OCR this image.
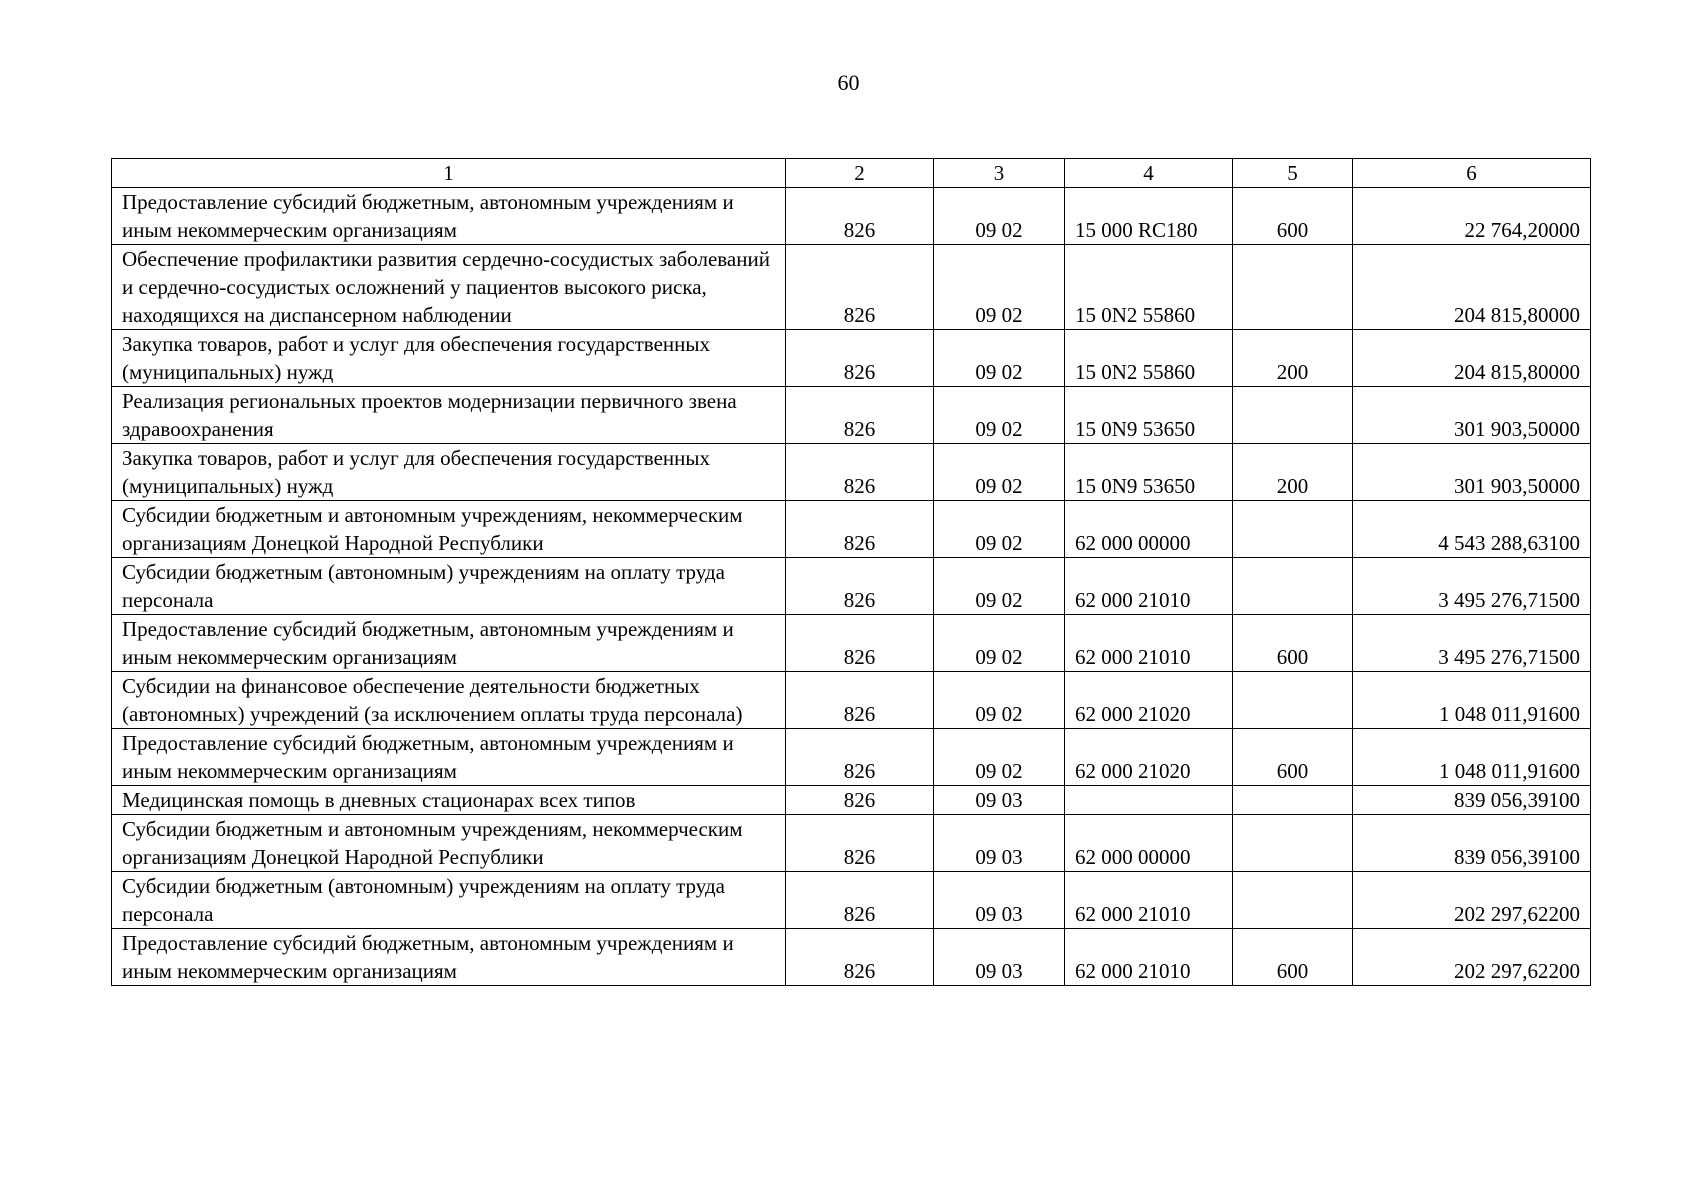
60
1	2	3	4	5	6
Предоставление субсидий бюджетным, автономным учреждениям и иным некоммерческим организациям	826	09 02	15 000 RC180	600	22 764,20000
Обеспечение профилактики развития сердечно-сосудистых заболеваний и сердечно-сосудистых осложнений у пациентов высокого риска, находящихся на диспансерном наблюдении	826	09 02	15 0N2 55860		204 815,80000
Закупка товаров, работ и услуг для обеспечения государственных (муниципальных) нужд	826	09 02	15 0N2 55860	200	204 815,80000
Реализация региональных проектов модернизации первичного звена здравоохранения	826	09 02	15 0N9 53650		301 903,50000
Закупка товаров, работ и услуг для обеспечения государственных (муниципальных) нужд	826	09 02	15 0N9 53650	200	301 903,50000
Субсидии бюджетным и автономным учреждениям, некоммерческим организациям Донецкой Народной Республики	826	09 02	62 000 00000		4 543 288,63100
Субсидии бюджетным (автономным) учреждениям на оплату труда персонала	826	09 02	62 000 21010		3 495 276,71500
Предоставление субсидий бюджетным, автономным учреждениям и иным некоммерческим организациям	826	09 02	62 000 21010	600	3 495 276,71500
Субсидии на финансовое обеспечение деятельности бюджетных (автономных) учреждений (за исключением оплаты труда персонала)	826	09 02	62 000 21020		1 048 011,91600
Предоставление субсидий бюджетным, автономным учреждениям и иным некоммерческим организациям	826	09 02	62 000 21020	600	1 048 011,91600
Медицинская помощь в дневных стационарах всех типов	826	09 03			839 056,39100
Субсидии бюджетным и автономным учреждениям, некоммерческим организациям Донецкой Народной Республики	826	09 03	62 000 00000		839 056,39100
Субсидии бюджетным (автономным) учреждениям на оплату труда персонала	826	09 03	62 000 21010		202 297,62200
Предоставление субсидий бюджетным, автономным учреждениям и иным некоммерческим организациям	826	09 03	62 000 21010	600	202 297,62200
